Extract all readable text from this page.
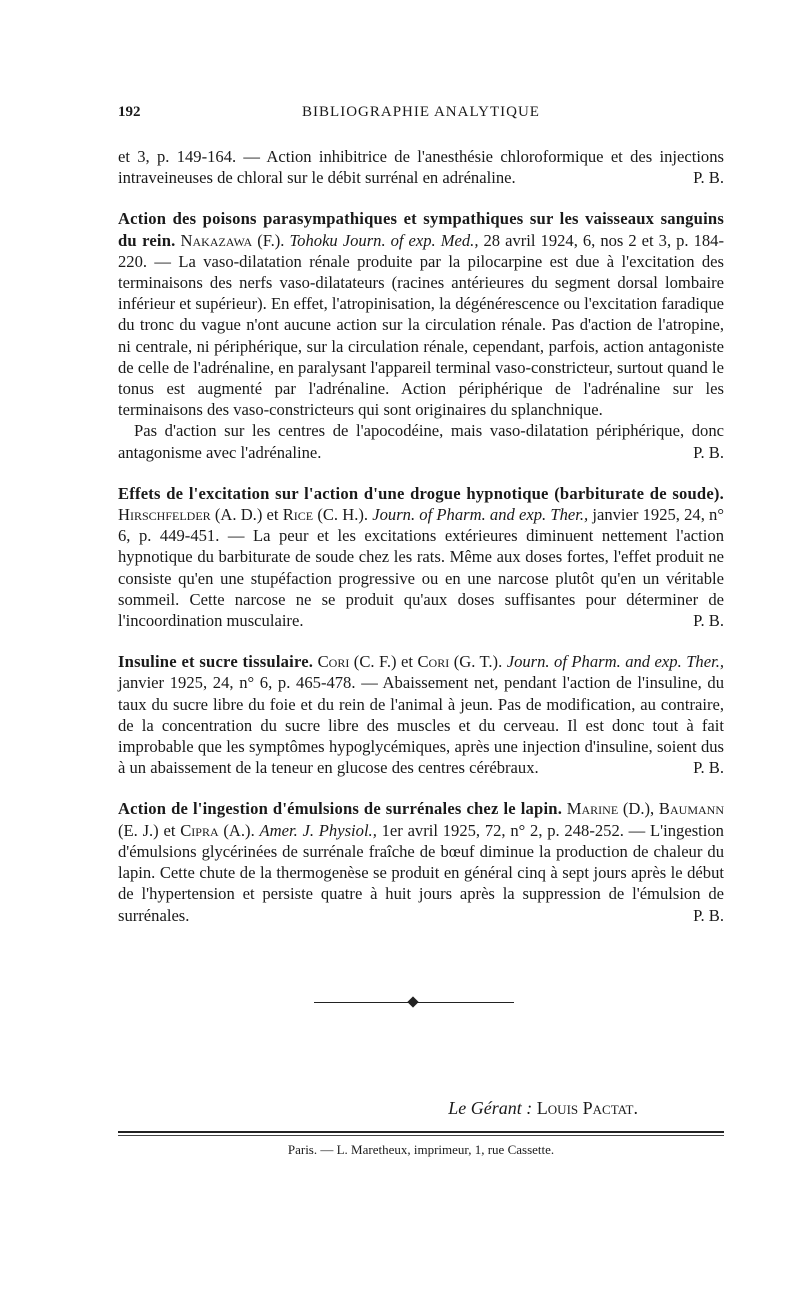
192	BIBLIOGRAPHIE ANALYTIQUE

et 3, p. 149-164. — Action inhibitrice de l'anesthésie chloroformique et des injections intraveineuses de chloral sur le débit surrénal en adrénaline.	P. B.

Action des poisons parasympathiques et sympathiques sur les vaisseaux sanguins du rein. Nakazawa (F.). Tohoku Journ. of exp. Med., 28 avril 1924, 6, nos 2 et 3, p. 184-220. — La vaso-dilatation rénale produite par la pilocarpine est due à l'excitation des terminaisons des nerfs vaso-dilatateurs (racines antérieures du segment dorsal lombaire inférieur et supérieur). En effet, l'atropinisation, la dégénérescence ou l'excitation faradique du tronc du vague n'ont aucune action sur la circulation rénale. Pas d'action de l'atropine, ni centrale, ni périphérique, sur la circulation rénale, cependant, parfois, action antagoniste de celle de l'adrénaline, en paralysant l'appareil terminal vaso-constricteur, surtout quand le tonus est augmenté par l'adrénaline. Action périphérique de l'adrénaline sur les terminaisons des vaso-constricteurs qui sont originaires du splanchnique.

Pas d'action sur les centres de l'apocodéine, mais vaso-dilatation périphérique, donc antagonisme avec l'adrénaline.	P. B.

Effets de l'excitation sur l'action d'une drogue hypnotique (barbiturate de soude). Hirschfelder (A. D.) et Rice (C. H.). Journ. of Pharm. and exp. Ther., janvier 1925, 24, n° 6, p. 449-451. — La peur et les excitations extérieures diminuent nettement l'action hypnotique du barbiturate de soude chez les rats. Même aux doses fortes, l'effet produit ne consiste qu'en une stupéfaction progressive ou en une narcose plutôt qu'en un véritable sommeil. Cette narcose ne se produit qu'aux doses suffisantes pour déterminer de l'incoordination musculaire.	P. B.

Insuline et sucre tissulaire. Cori (C. F.) et Cori (G. T.). Journ. of Pharm. and exp. Ther., janvier 1925, 24, n° 6, p. 465-478. — Abaissement net, pendant l'action de l'insuline, du taux du sucre libre du foie et du rein de l'animal à jeun. Pas de modification, au contraire, de la concentration du sucre libre des muscles et du cerveau. Il est donc tout à fait improbable que les symptômes hypoglycémiques, après une injection d'insuline, soient dus à un abaissement de la teneur en glucose des centres cérébraux.	P. B.

Action de l'ingestion d'émulsions de surrénales chez le lapin. Marine (D.), Baumann (E. J.) et Cipra (A.). Amer. J. Physiol., 1er avril 1925, 72, n° 2, p. 248-252. — L'ingestion d'émulsions glycérinées de surrénale fraîche de bœuf diminue la production de chaleur du lapin. Cette chute de la thermogenèse se produit en général cinq à sept jours après le début de l'hypertension et persiste quatre à huit jours après la suppression de l'émulsion de surrénales.	P. B.

Le Gérant : Louis Pactat.
Paris. — L. Maretheux, imprimeur, 1, rue Cassette.
